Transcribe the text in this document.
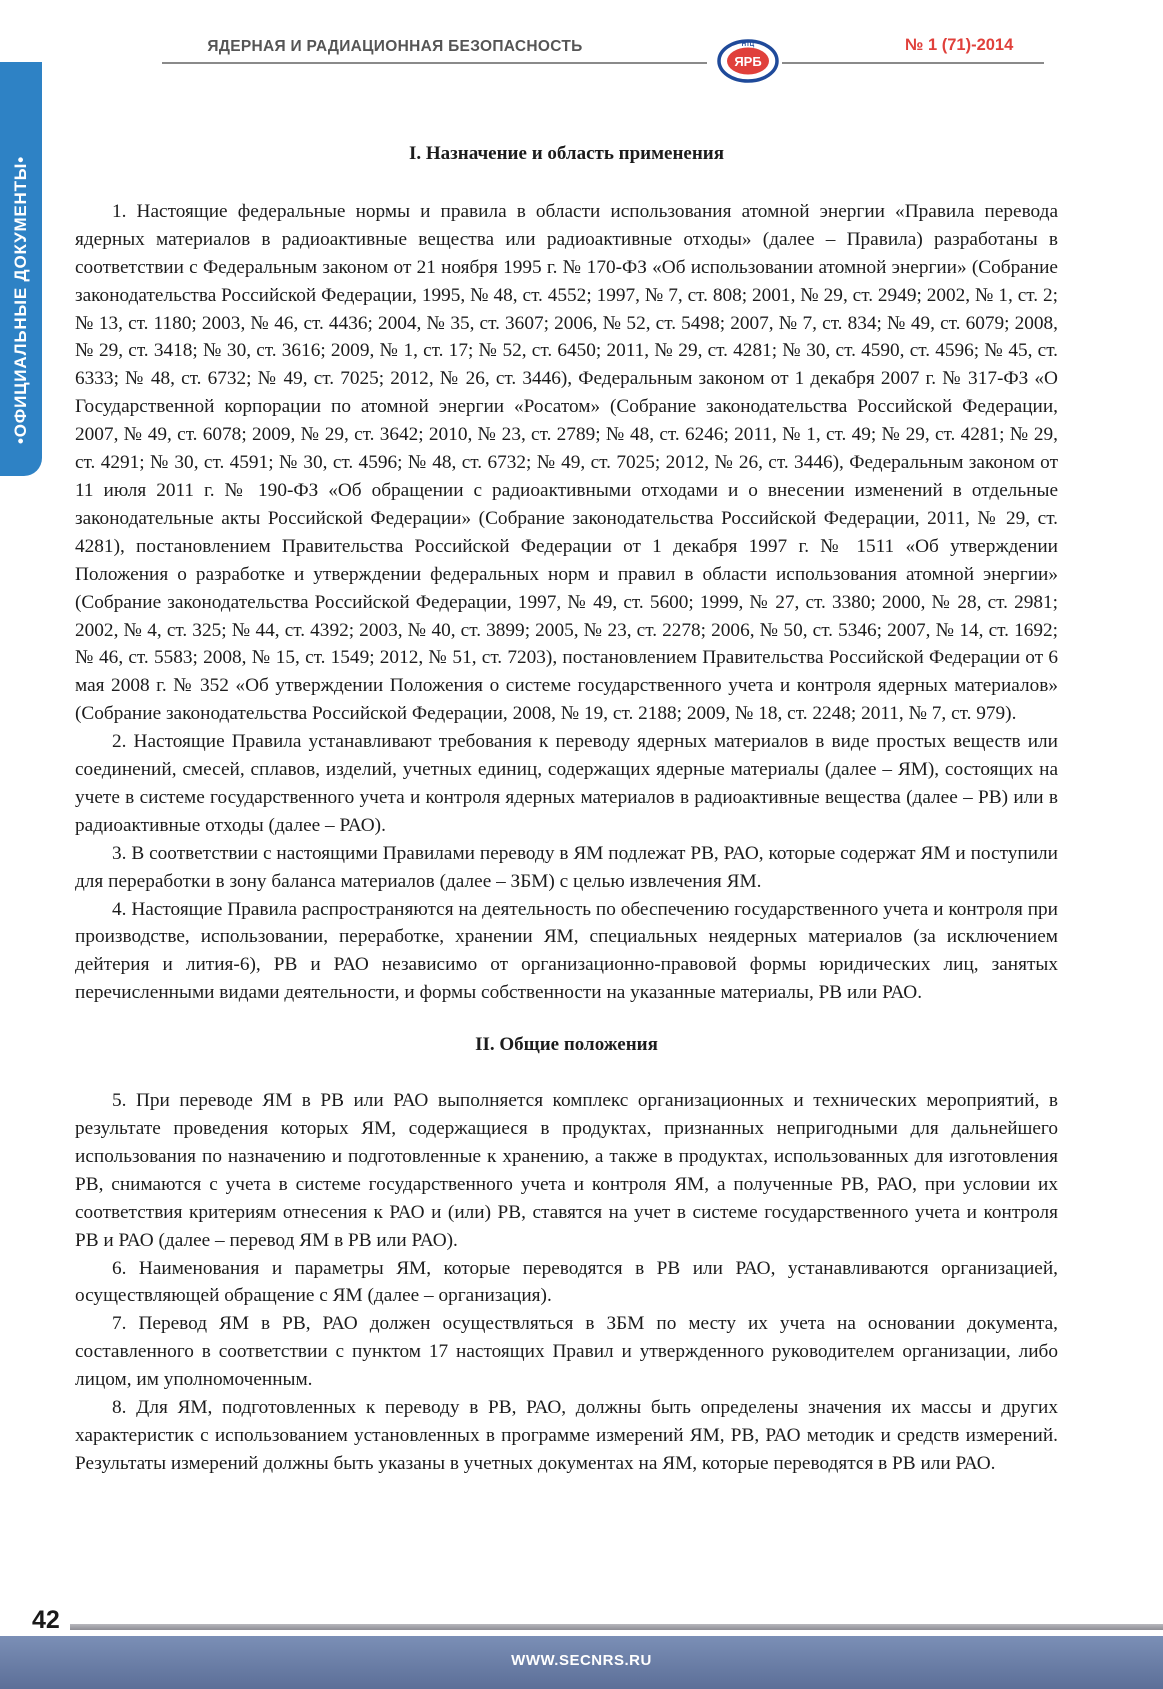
ЯДЕРНАЯ И РАДИАЦИОННАЯ БЕЗОПАСНОСТЬ	НТЦ
ЯРБ
№ 1 (71)-2014
•ОФИЦИАЛЬНЫЕ ДОКУМЕНТЫ•
I. Назначение и область применения

1. Настоящие федеральные нормы и правила в области использования атомной энергии «Правила перевода ядерных материалов в радиоактивные вещества или радиоактивные отходы» (далее – Правила) разработаны в соответствии с Федеральным законом от 21 ноября 1995 г. № 170-ФЗ «Об использовании атомной энергии» (Собрание законодательства Российской Федерации, 1995, № 48, ст. 4552; 1997, № 7, ст. 808; 2001, № 29, ст. 2949; 2002, № 1, ст. 2; № 13, ст. 1180; 2003, № 46, ст. 4436; 2004, № 35, ст. 3607; 2006, № 52, ст. 5498; 2007, № 7, ст. 834; № 49, ст. 6079; 2008, № 29, ст. 3418; № 30, ст. 3616; 2009, № 1, ст. 17; № 52, ст. 6450; 2011, № 29, ст. 4281; № 30, ст. 4590, ст. 4596; № 45, ст. 6333; № 48, ст. 6732; № 49, ст. 7025; 2012, № 26, ст. 3446), Федеральным законом от 1 декабря 2007 г. № 317-ФЗ «О Государственной корпорации по атомной энергии «Росатом» (Собрание законодательства Российской Федерации, 2007, № 49, ст. 6078; 2009, № 29, ст. 3642; 2010, № 23, ст. 2789; № 48, ст. 6246; 2011, № 1, ст. 49; № 29, ст. 4281; № 29, ст. 4291; № 30, ст. 4591; № 30, ст. 4596; № 48, ст. 6732; № 49, ст. 7025; 2012, № 26, ст. 3446), Федеральным законом от 11 июля 2011 г. № 190-ФЗ «Об обращении с радиоактивными отходами и о внесении изменений в отдельные законодательные акты Российской Федерации» (Собрание законодательства Российской Федерации, 2011, № 29, ст. 4281), постановлением Правительства Российской Федерации от 1 декабря 1997 г. № 1511 «Об утверждении Положения о разработке и утверждении федеральных норм и правил в области использования атомной энергии» (Собрание законодательства Российской Федерации, 1997, № 49, ст. 5600; 1999, № 27, ст. 3380; 2000, № 28, ст. 2981; 2002, № 4, ст. 325; № 44, ст. 4392; 2003, № 40, ст. 3899; 2005, № 23, ст. 2278; 2006, № 50, ст. 5346; 2007, № 14, ст. 1692; № 46, ст. 5583; 2008, № 15, ст. 1549; 2012, № 51, ст. 7203), постановлением Правительства Российской Федерации от 6 мая 2008 г. № 352 «Об утверждении Положения о системе государственного учета и контроля ядерных материалов» (Собрание законодательства Российской Федерации, 2008, № 19, ст. 2188; 2009, № 18, ст. 2248; 2011, № 7, ст. 979).

2. Настоящие Правила устанавливают требования к переводу ядерных материалов в виде простых веществ или соединений, смесей, сплавов, изделий, учетных единиц, содержащих ядерные материалы (далее – ЯМ), состоящих на учете в системе государственного учета и контроля ядерных материалов в радиоактивные вещества (далее – РВ) или в радиоактивные отходы (далее – РАО).

3. В соответствии с настоящими Правилами переводу в ЯМ подлежат РВ, РАО, которые содержат ЯМ и поступили для переработки в зону баланса материалов (далее – ЗБМ) с целью извлечения ЯМ.

4. Настоящие Правила распространяются на деятельность по обеспечению государственного учета и контроля при производстве, использовании, переработке, хранении ЯМ, специальных неядерных материалов (за исключением дейтерия и лития-6), РВ и РАО независимо от организационно-правовой формы юридических лиц, занятых перечисленными видами деятельности, и формы собственности на указанные материалы, РВ или РАО.

II. Общие положения

5. При переводе ЯМ в РВ или РАО выполняется комплекс организационных и технических мероприятий, в результате проведения которых ЯМ, содержащиеся в продуктах, признанных непригодными для дальнейшего использования по назначению и подготовленные к хранению, а также в продуктах, использованных для изготовления РВ, снимаются с учета в системе государственного учета и контроля ЯМ, а полученные РВ, РАО, при условии их соответствия критериям отнесения к РАО и (или) РВ, ставятся на учет в системе государственного учета и контроля РВ и РАО (далее – перевод ЯМ в РВ или РАО).

6. Наименования и параметры ЯМ, которые переводятся в РВ или РАО, устанавливаются организацией, осуществляющей обращение с ЯМ (далее – организация).

7. Перевод ЯМ в РВ, РАО должен осуществляться в ЗБМ по месту их учета на основании документа, составленного в соответствии с пунктом 17 настоящих Правил и утвержденного руководителем организации, либо лицом, им уполномоченным.

8. Для ЯМ, подготовленных к переводу в РВ, РАО, должны быть определены значения их массы и других характеристик с использованием установленных в программе измерений ЯМ, РВ, РАО методик и средств измерений. Результаты измерений должны быть указаны в учетных документах на ЯМ, которые переводятся в РВ или РАО.

42
WWW.SECNRS.RU
